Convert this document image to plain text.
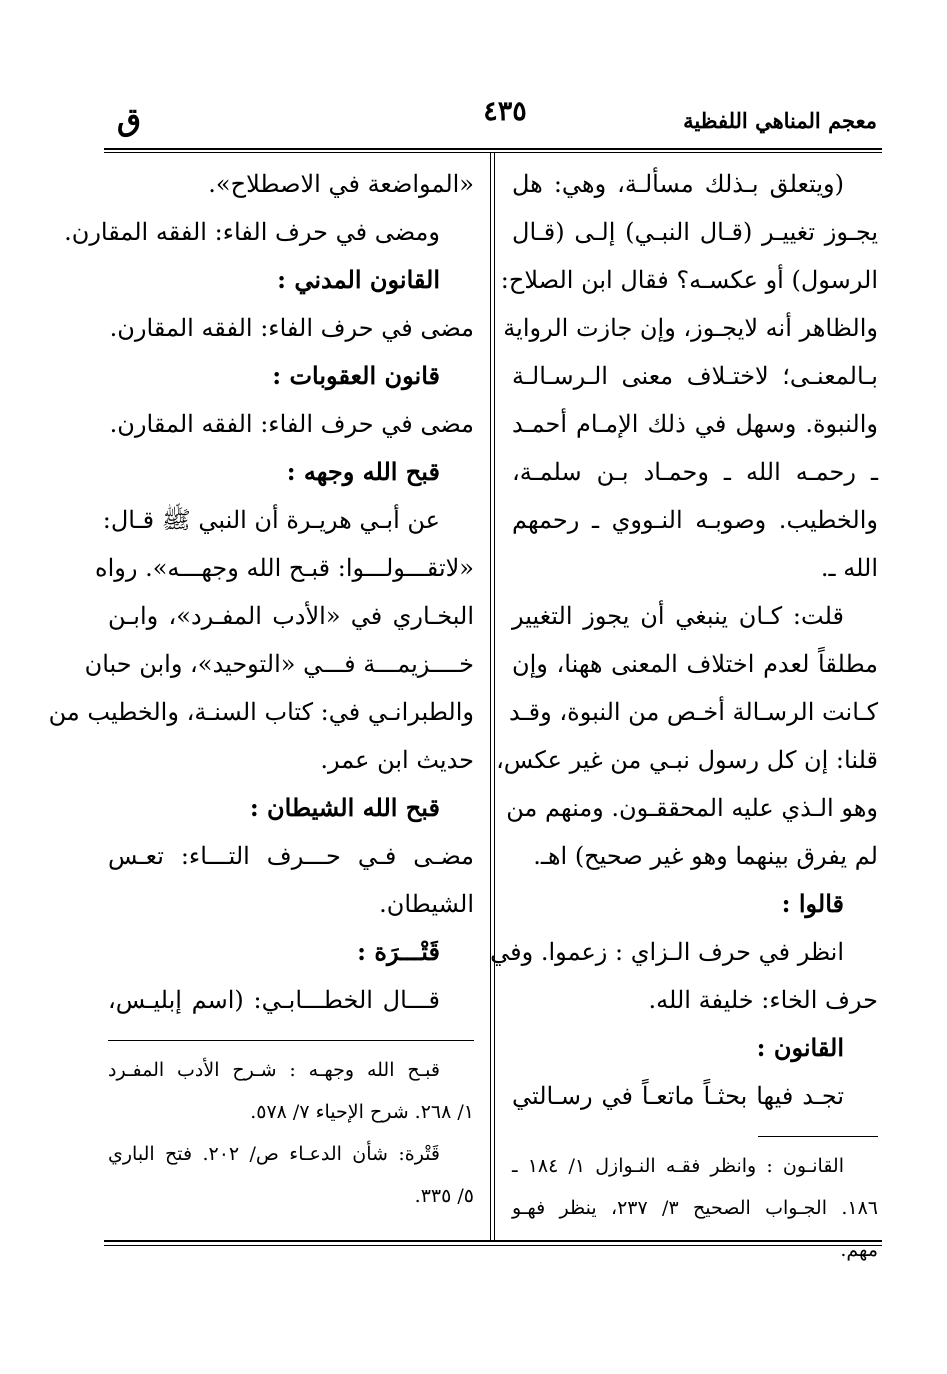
معجم المناهي اللفظية
٤٣٥
ق
(ويتعلق بـذلك مسألـة، وهي: هل
يجـوز تغييـر (قـال النبـي) إلـى (قـال
الرسول) أو عكسـه؟ فقال ابن الصلاح:
والظاهر أنه لايجـوز، وإن جازت الرواية
بـالمعنـى؛ لاختـلاف معنى الـرسـالـة
والنبوة. وسهل في ذلك الإمـام أحمـد
ـ رحمـه الله ـ وحمـاد بـن سلمـة،
والخطيب. وصوبـه النـووي ـ رحمهم
الله ـ.
قلت: كـان ينبغي أن يجوز التغيير
مطلقاً لعدم اختلاف المعنى ههنا، وإن
كـانت الرسـالة أخـص من النبوة، وقـد
قلنا: إن كل رسول نبـي من غير عكس،
وهو الـذي عليه المحققـون. ومنهم من
لم يفرق بينهما وهو غير صحيح) اهـ.
قالوا :
انظر في حرف الـزاي : زعموا. وفي
حرف الخاء: خليفة الله.
القانون :
تجـد فيها بحثـاً ماتعـاً في رسـالتي
القانـون : وانظر فقـه النـوازل ١/ ١٨٤ ـ
١٨٦. الجـواب الصحيح ٣/ ٢٣٧، ينظر فهـو
مهم.
«المواضعة في الاصطلاح».
ومضى في حرف الفاء: الفقه المقارن.
القانون المدني :
مضى في حرف الفاء: الفقه المقارن.
قانون العقوبات :
مضى في حرف الفاء: الفقه المقارن.
قبح الله وجهه :
عن أبـي هريـرة أن النبي ﷺ قـال:
«لاتقـــولـــوا: قبـح الله وجهـــه». رواه
البخـاري في «الأدب المفـرد»، وابـن
خــــزيمـــة فـــي «التوحيد»، وابن حبان
والطبرانـي في: كتاب السنـة، والخطيب من
حديث ابن عمر.
قبح الله الشيطان :
مضـى فـي حـــرف التـــاء: تعـس
الشيطان.
قَتْـــرَة :
قـــال الخطـــابـي: (اسم إبليـس،
قبـح الله وجهـه : شـرح الأدب المفـرد
١/ ٢٦٨. شرح الإحياء ٧/ ٥٧٨.
قَتْرة: شأن الدعـاء ص/ ٢٠٢. فتح الباري
٥/ ٣٣٥.
